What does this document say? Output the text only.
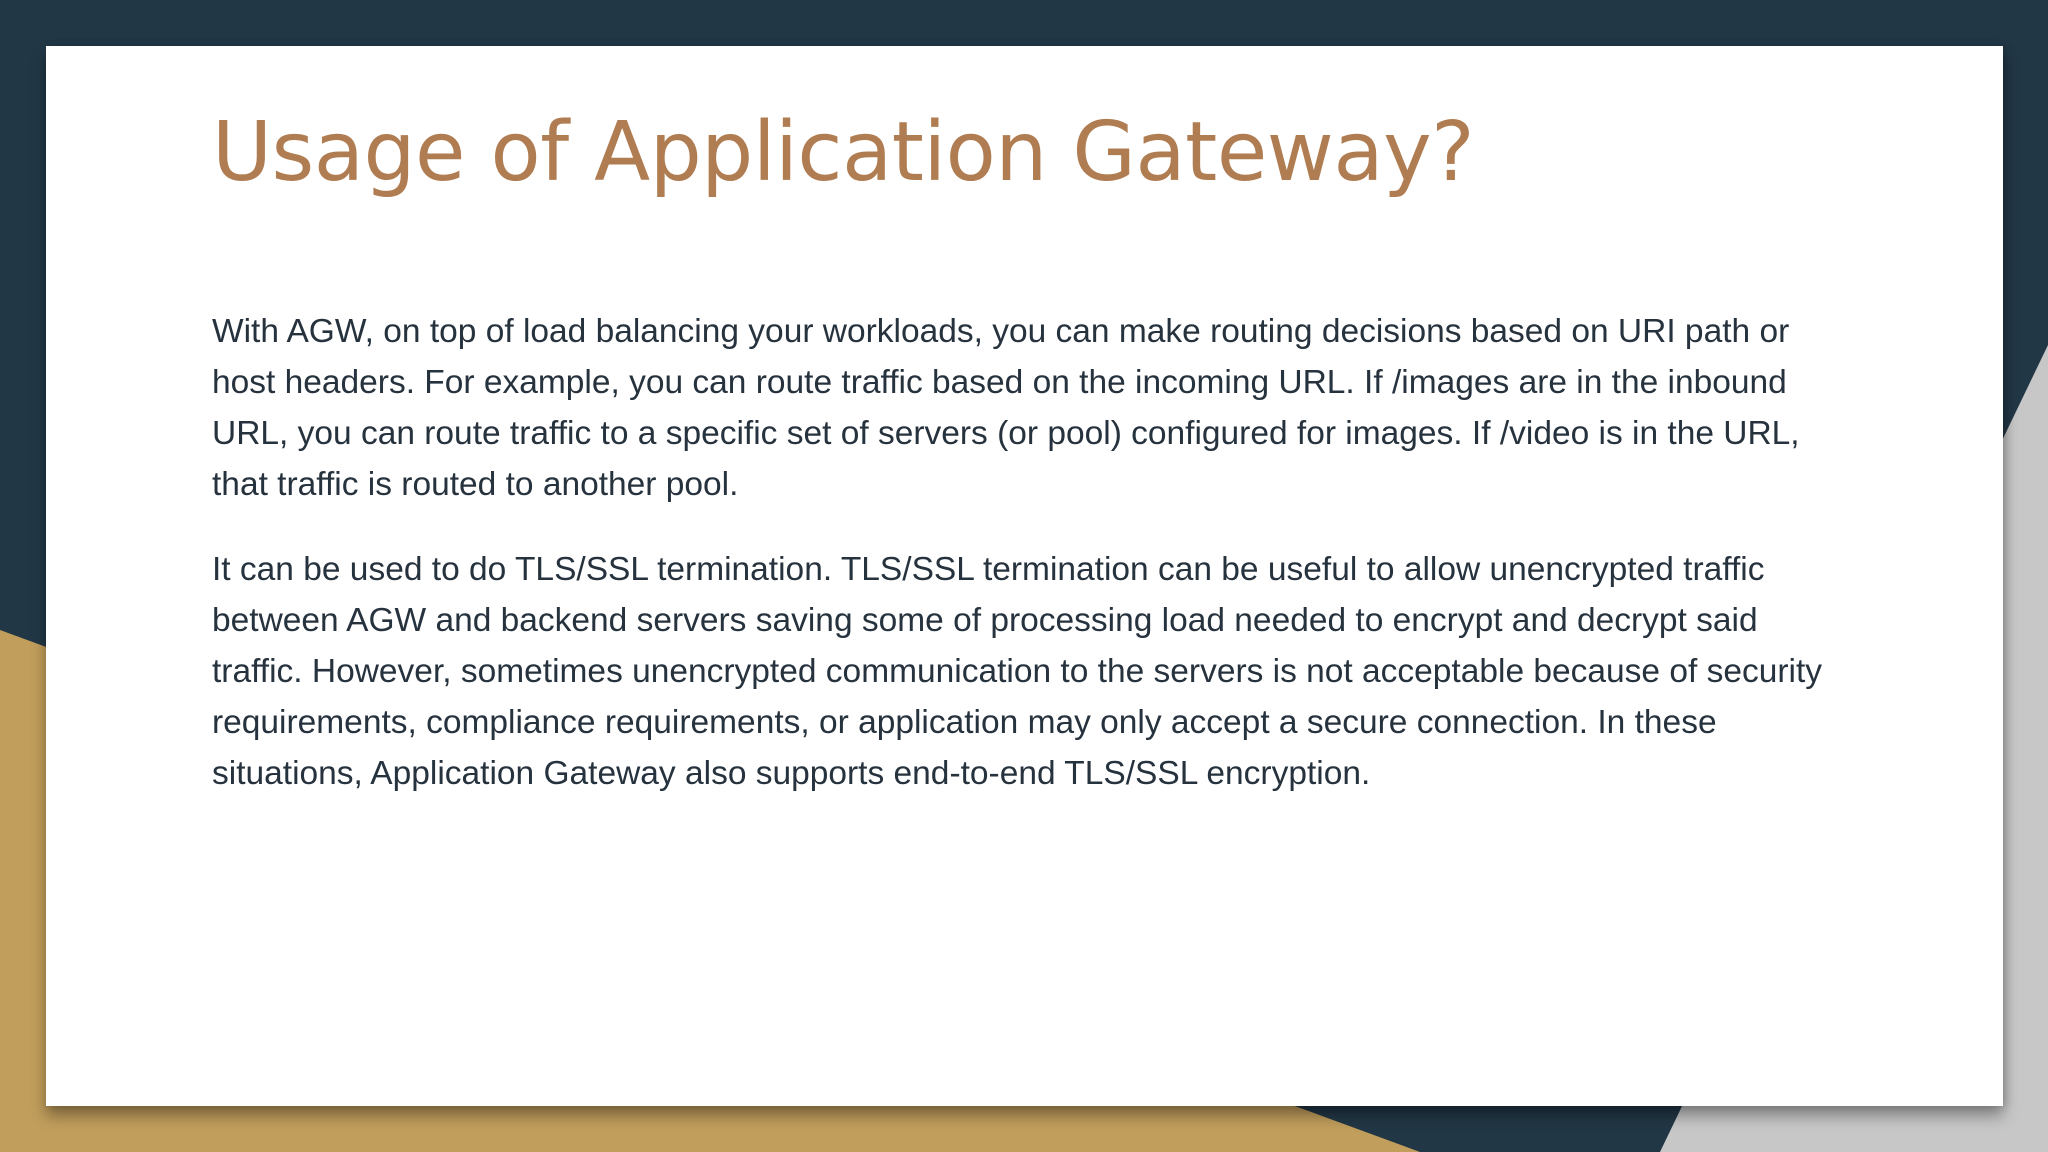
Usage of Application Gateway?

With AGW, on top of load balancing your workloads, you can make routing decisions based on URI path or host headers. For example, you can route traffic based on the incoming URL. If /images are in the inbound URL, you can route traffic to a specific set of servers (or pool) configured for images. If /video is in the URL, that traffic is routed to another pool.

It can be used to do TLS/SSL termination. TLS/SSL termination can be useful to allow unencrypted traffic between AGW and backend servers saving some of processing load needed to encrypt and decrypt said traffic. However, sometimes unencrypted communication to the servers is not acceptable because of security requirements, compliance requirements, or application may only accept a secure connection. In these situations, Application Gateway also supports end-to-end TLS/SSL encryption.
